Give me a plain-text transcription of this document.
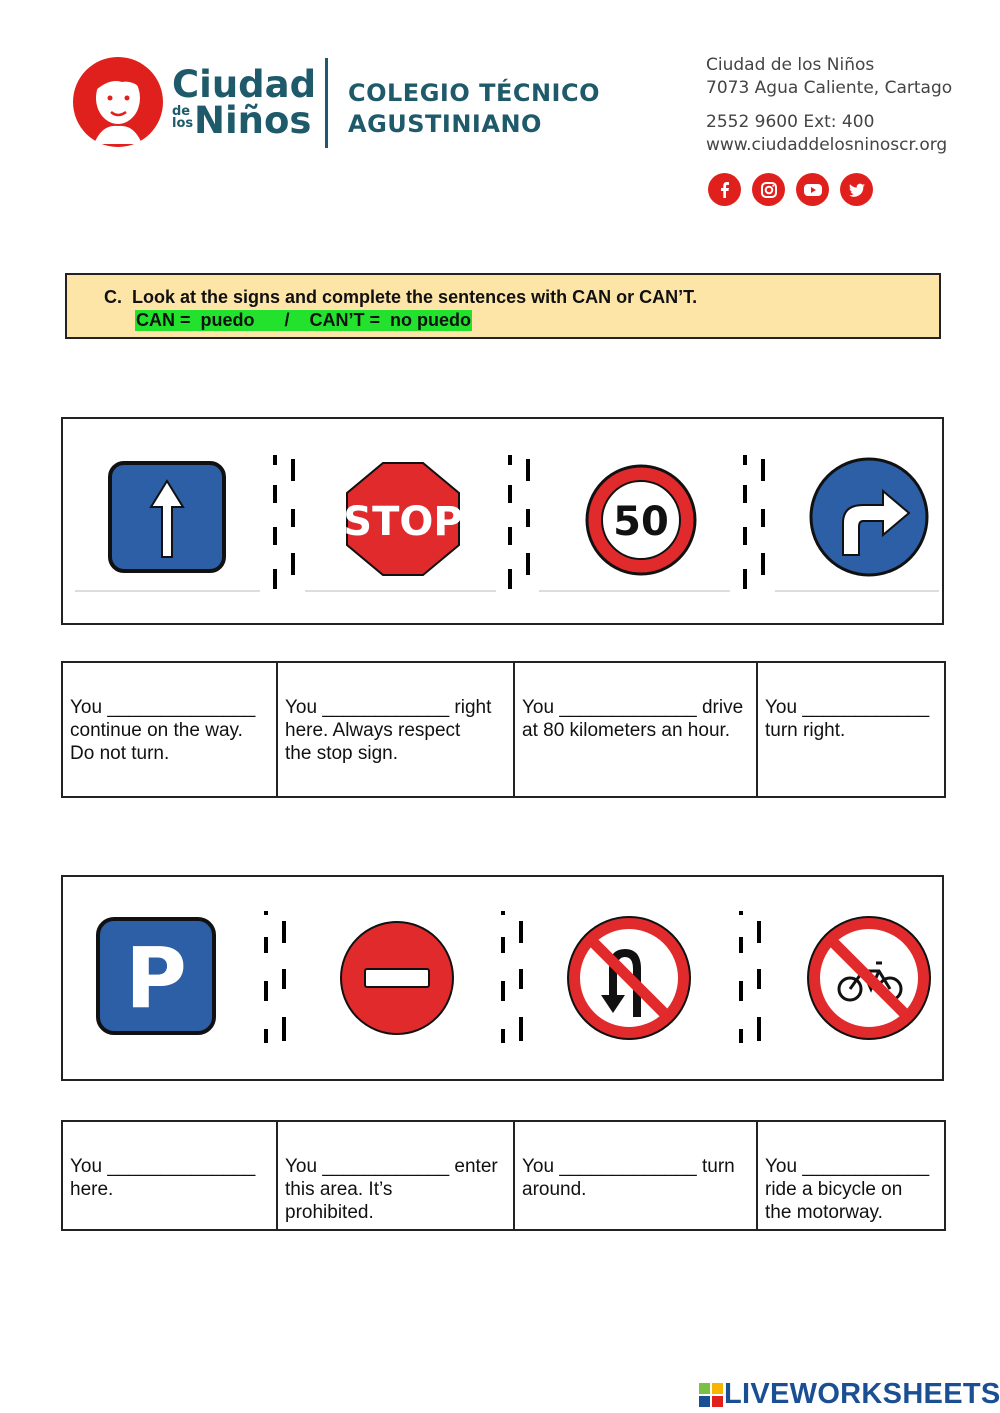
Ciudad
de
los Niños
COLEGIO TÉCNICO
AGUSTINIANO
Ciudad de los Niños
7073 Agua Caliente, Cartago
2552 9600 Ext: 400
www.ciudaddelosninoscr.org
C. Look at the signs and complete the sentences with CAN or CAN’T.
CAN =  puedo      /    CAN’T =  no puedo
STOP	50
You ______________
continue on the way.
Do not turn.

You ____________ right
here. Always respect
the stop sign.

You _____________ drive
at 80 kilometers an hour.

You ____________
turn right.
P
You ______________
here.

You ____________ enter
this area. It’s
prohibited.

You _____________ turn
around.

You ____________
ride a bicycle on
the motorway.
LIVEWORKSHEETS
